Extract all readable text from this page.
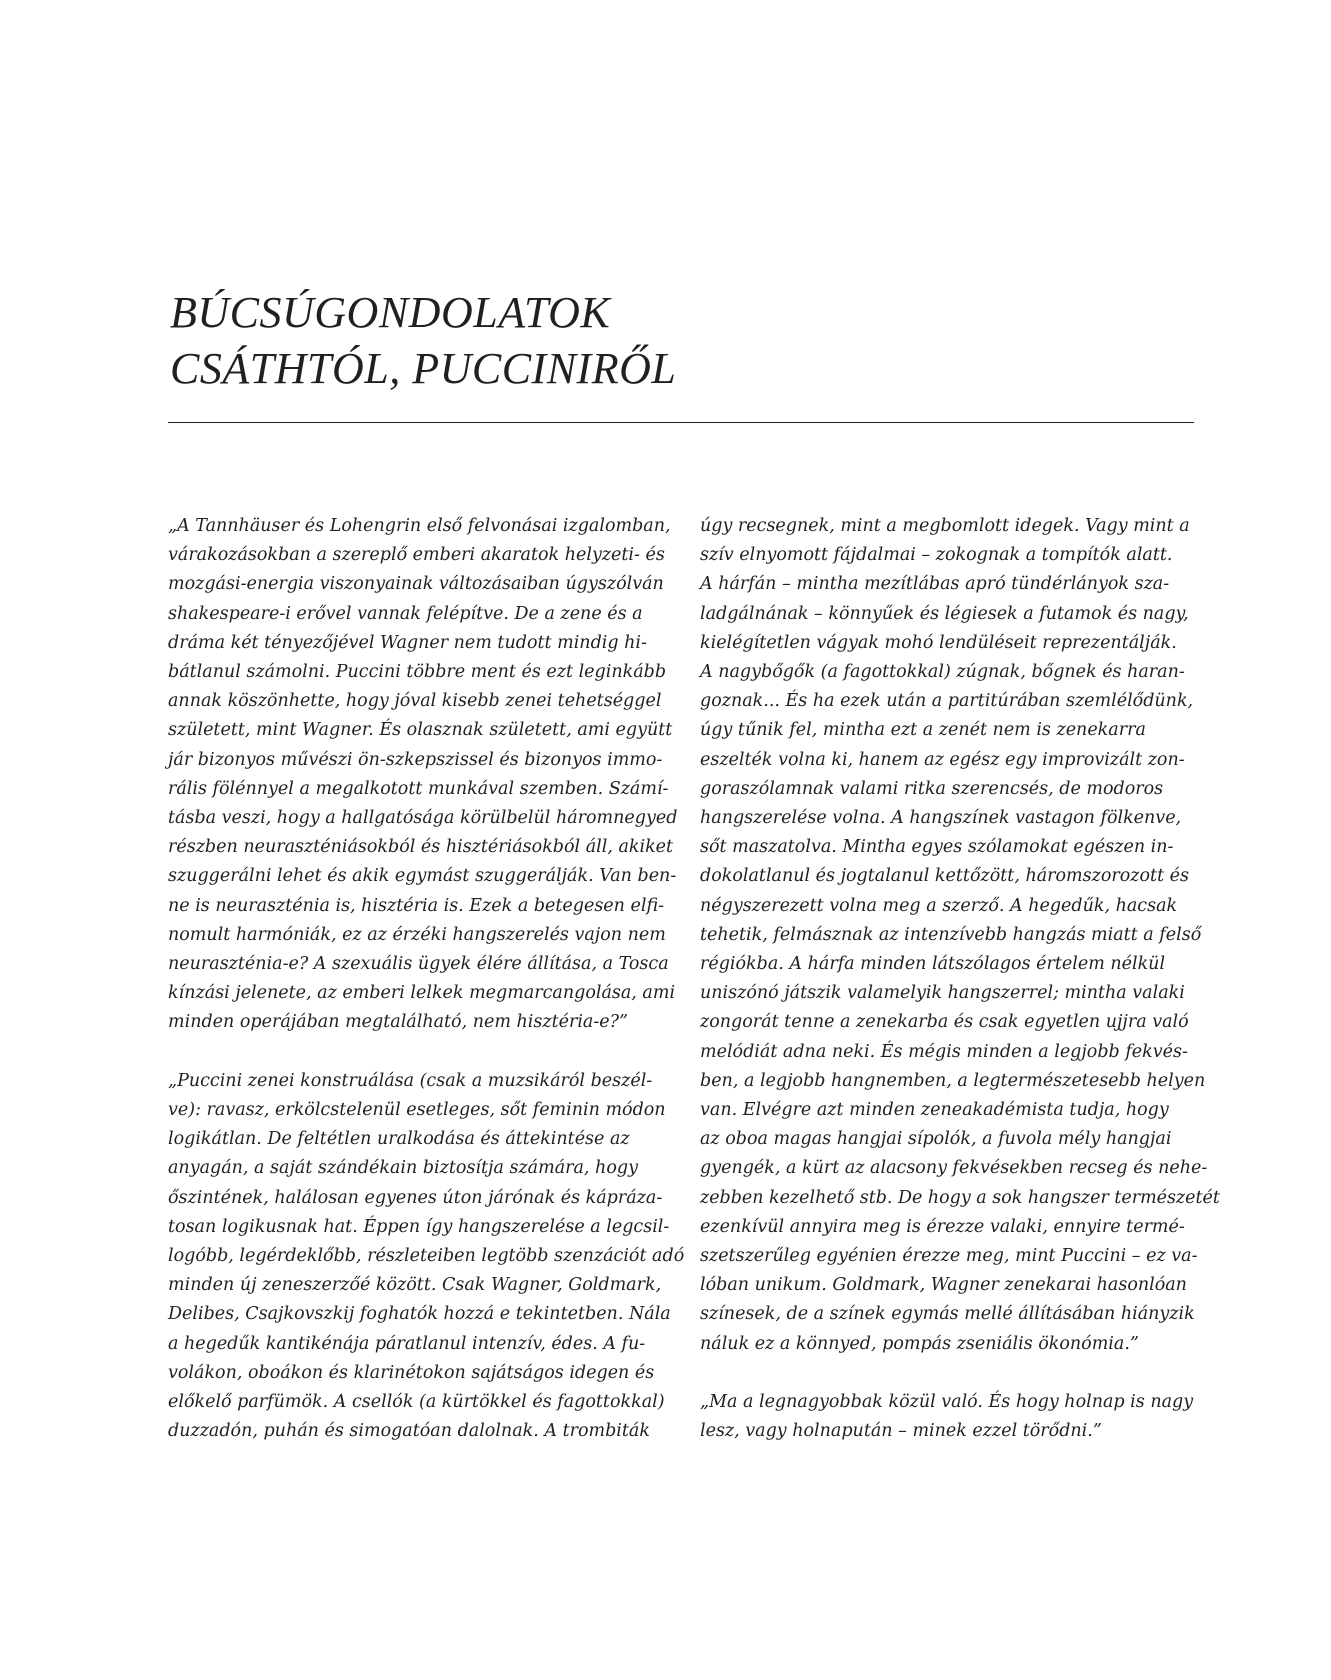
BÚCSÚGONDOLATOK
CSÁTHTÓL, PUCCINIRŐL
„A Tannhäuser és Lohengrin első felvonásai izgalomban,
várakozásokban a szereplő emberi akaratok helyzeti- és
mozgási-energia viszonyainak változásaiban úgyszólván
shakespeare-i erővel vannak felépítve. De a zene és a
dráma két tényezőjével Wagner nem tudott mindig hi-
bátlanul számolni. Puccini többre ment és ezt leginkább
annak köszönhette, hogy jóval kisebb zenei tehetséggel
született, mint Wagner. És olasznak született, ami együtt
jár bizonyos művészi ön-szkepszissel és bizonyos immo-
rális fölénnyel a megalkotott munkával szemben. Számí-
tásba veszi, hogy a hallgatósága körülbelül háromnegyed
részben neuraszténiásokból és hisztériásokból áll, akiket
szuggerálni lehet és akik egymást szuggerálják. Van ben-
ne is neuraszténia is, hisztéria is. Ezek a betegesen elfi-
nomult harmóniák, ez az érzéki hangszerelés vajon nem
neuraszténia-e? A szexuális ügyek élére állítása, a Tosca
kínzási jelenete, az emberi lelkek megmarcangolása, ami
minden operájában megtalálható, nem hisztéria-e?”
„Puccini zenei konstruálása (csak a muzsikáról beszél-
ve): ravasz, erkölcstelenül esetleges, sőt feminin módon
logikátlan. De feltétlen uralkodása és áttekintése az
anyagán, a saját szándékain biztosítja számára, hogy
őszintének, halálosan egyenes úton járónak és kápráza-
tosan logikusnak hat. Éppen így hangszerelése a legcsil-
logóbb, legérdeklőbb, részleteiben legtöbb szenzációt adó
minden új zeneszerzőé között. Csak Wagner, Goldmark,
Delibes, Csajkovszkij foghatók hozzá e tekintetben. Nála
a hegedűk kantikénája páratlanul intenzív, édes. A fu-
volákon, oboákon és klarinétokon sajátságos idegen és
előkelő parfümök. A csellók (a kürtökkel és fagottokkal)
duzzadón, puhán és simogatóan dalolnak. A trombiták
úgy recsegnek, mint a megbomlott idegek. Vagy mint a
szív elnyomott fájdalmai – zokognak a tompítók alatt.
A hárfán – mintha mezítlábas apró tündérlányok sza-
ladgálnának – könnyűek és légiesek a futamok és nagy,
kielégítetlen vágyak mohó lendüléseit reprezentálják.
A nagybőgők (a fagottokkal) zúgnak, bőgnek és haran-
goznak... És ha ezek után a partitúrában szemlélődünk,
úgy tűnik fel, mintha ezt a zenét nem is zenekarra
eszelték volna ki, hanem az egész egy improvizált zon-
goraszólamnak valami ritka szerencsés, de modoros
hangszerelése volna. A hangszínek vastagon fölkenve,
sőt maszatolva. Mintha egyes szólamokat egészen in-
dokolatlanul és jogtalanul kettőzött, háromszorozott és
négyszerezett volna meg a szerző. A hegedűk, hacsak
tehetik, felmásznak az intenzívebb hangzás miatt a felső
régiókba. A hárfa minden látszólagos értelem nélkül
uniszónó játszik valamelyik hangszerrel; mintha valaki
zongorát tenne a zenekarba és csak egyetlen ujjra való
melódiát adna neki. És mégis minden a legjobb fekvés-
ben, a legjobb hangnemben, a legtermészetesebb helyen
van. Elvégre azt minden zeneakadémista tudja, hogy
az oboa magas hangjai sípolók, a fuvola mély hangjai
gyengék, a kürt az alacsony fekvésekben recseg és nehe-
zebben kezelhető stb. De hogy a sok hangszer természetét
ezenkívül annyira meg is érezze valaki, ennyire termé-
szetszerűleg egyénien érezze meg, mint Puccini – ez va-
lóban unikum. Goldmark, Wagner zenekarai hasonlóan
színesek, de a színek egymás mellé állításában hiányzik
náluk ez a könnyed, pompás zseniális ökonómia.”
„Ma a legnagyobbak közül való. És hogy holnap is nagy
lesz, vagy holnapután – minek ezzel törődni.”
